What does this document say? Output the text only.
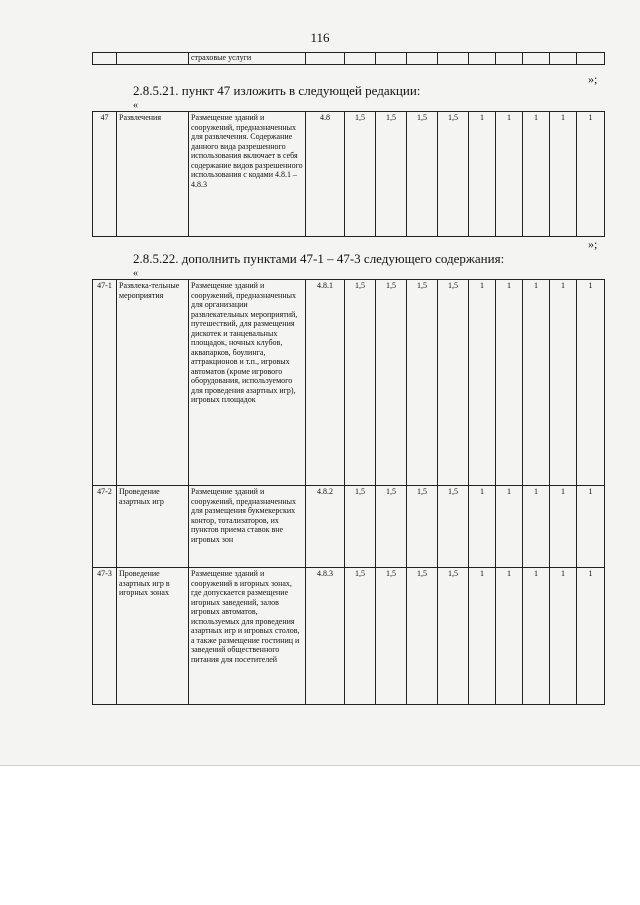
116
		страховые услуги										
»;
2.8.5.21. пункт 47 изложить в следующей редакции:
«
47	Развлечения	Размещение зданий и сооружений, предназначенных для развлечения. Содержание данного вида разрешенного использования включает в себя содержание видов разрешенного использования с кодами 4.8.1 – 4.8.3	4.8	1,5	1,5	1,5	1,5	1	1	1	1	1
»;
2.8.5.22. дополнить пунктами 47-1 – 47-3 следующего содержания:
«
47-1	Развлека-тельные мероприятия	Размещение зданий и сооружений, предназначенных для организации развлекательных мероприятий, путешествий, для размещения дискотек и танцевальных площадок, ночных клубов, аквапарков, боулинга, аттракционов и т.п., игровых автоматов (кроме игрового оборудования, используемого для проведения азартных игр), игровых площадок	4.8.1	1,5	1,5	1,5	1,5	1	1	1	1	1
47-2	Проведение азартных игр	Размещение зданий и сооружений, предназначенных для размещения букмекерских контор, тотализаторов, их пунктов приема ставок вне игровых зон	4.8.2	1,5	1,5	1,5	1,5	1	1	1	1	1
47-3	Проведение азартных игр в игорных зонах	Размещение зданий и сооружений в игорных зонах, где допускается размещение игорных заведений, залов игровых автоматов, используемых для проведения азартных игр и игровых столов, а также размещение гостиниц и заведений общественного питания для посетителей	4.8.3	1,5	1,5	1,5	1,5	1	1	1	1	1
